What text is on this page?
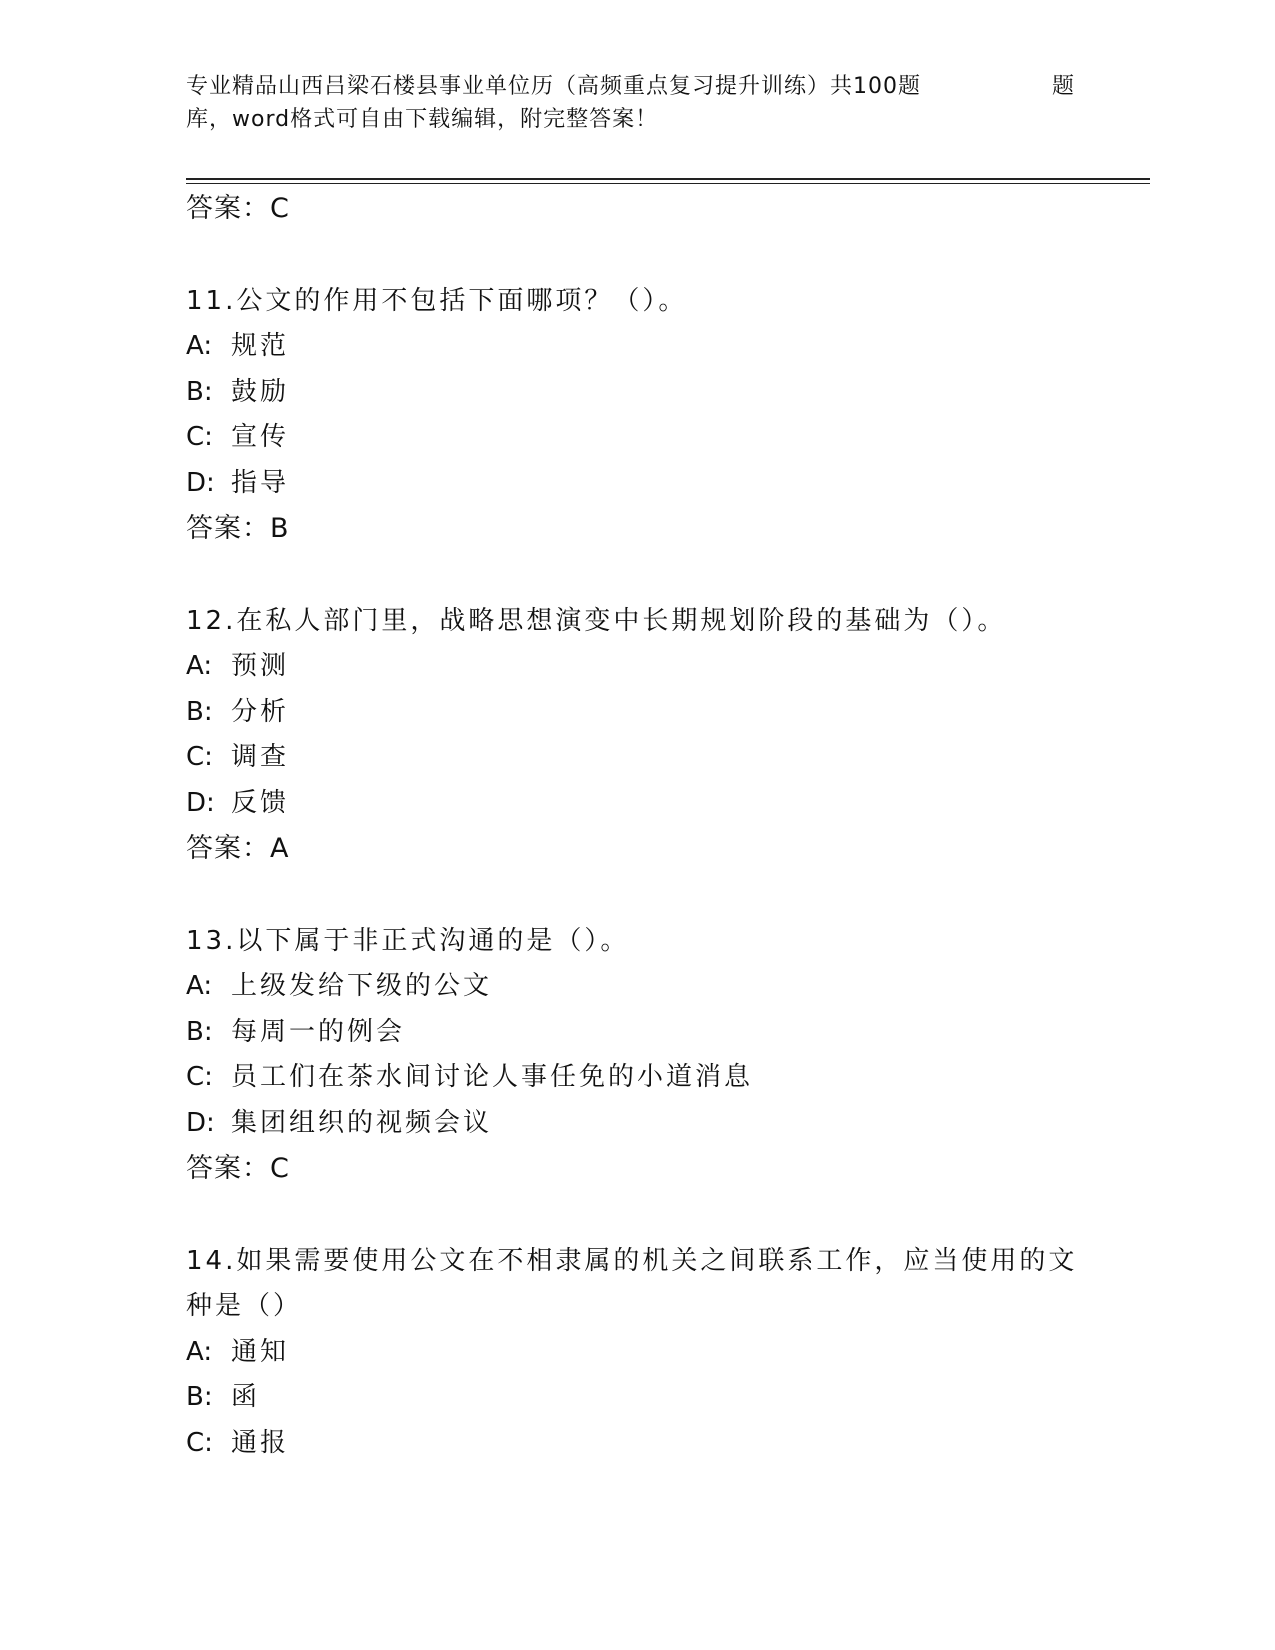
专业精品山西吕梁石楼县事业单位历（高频重点复习提升训练）共100题	题
库，word格式可自由下载编辑，附完整答案！
答案：C
11.公文的作用不包括下面哪项？（）。
A: 规范
B: 鼓励
C: 宣传
D: 指导
答案：B
12.在私人部门里，战略思想演变中长期规划阶段的基础为（）。
A: 预测
B: 分析
C: 调查
D: 反馈
答案：A
13.以下属于非正式沟通的是（）。
A: 上级发给下级的公文
B: 每周一的例会
C: 员工们在茶水间讨论人事任免的小道消息
D: 集团组织的视频会议
答案：C
14.如果需要使用公文在不相隶属的机关之间联系工作，应当使用的文
种是（）
A: 通知
B: 函
C: 通报
